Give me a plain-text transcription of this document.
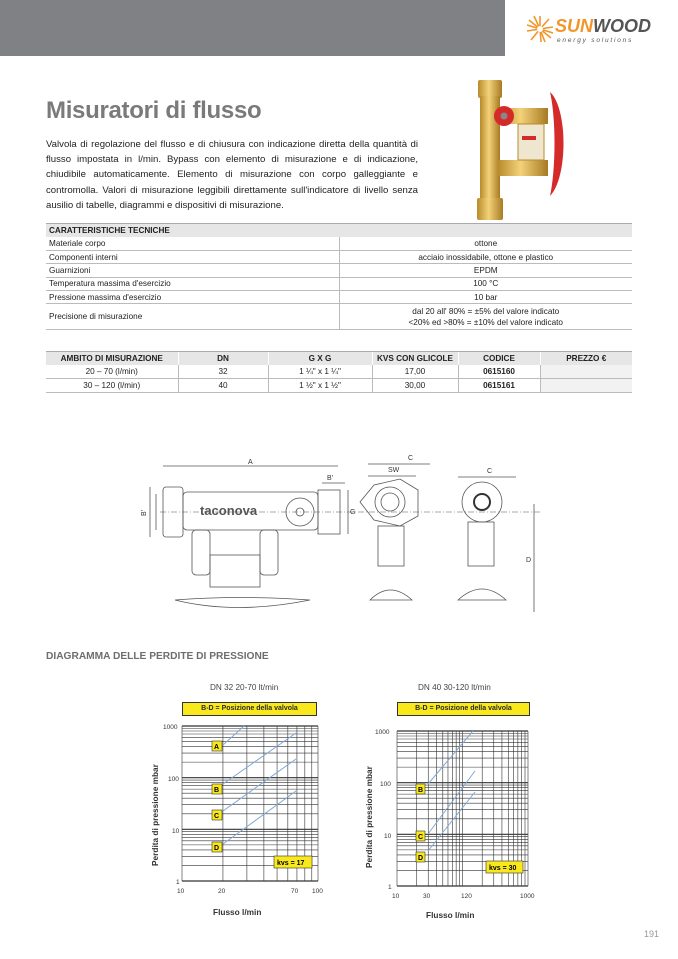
SUNWOOD
energy solutions
Misuratori di flusso

Valvola di regolazione del flusso e di chiusura con indicazione diretta della quantità di flusso impostata in l/min. Bypass con elemento di misurazione e di indicazione, chiudibile automaticamente. Elemento di misurazione con corpo galleggiante e contromolla. Valori di misurazione leggibili direttamente sull'indicatore di livello senza ausilio di tabelle, diagrammi e dispositivi di misurazione.

CARATTERISTICHE TECNICHE	
Materiale corpo	ottone
Componenti interni	acciaio inossidabile, ottone e plastico
Guarnizioni	EPDM
Temperatura massima d'esercizio	100 °C
Pressione massima d'esercizio	10 bar
Precisione di misurazione	dal 20 all' 80% = ±5% del valore indicato
<20% ed >80% = ±10% del valore indicato
AMBITO DI MISURAZIONE	DN	G X G	KVS CON GLICOLE	CODICE	PREZZO €
20 – 70 (l/min)	32	1 ¼" x 1 ¼"	17,00	0615160	
30 – 120 (l/min)	40	1 ½" x 1 ½"	30,00	0615161	
A
B'
taconova
B'	G
C
SW	C
D
DIAGRAMMA DELLE PERDITE DI PRESSIONE
DN 32 20-70 lt/min
B-D = Posizione della valvola
Perdita di pressione mbar
Flusso l/min
1000
100
10
1
10	20	70 100
A
B
C
D
kvs = 17
DN 40 30-120 lt/min
B-D = Posizione della valvola
Perdita di pressione mbar
Flusso l/min
1000
100
10
1
10	30	120	1000
B
C
D
kvs = 30
191
